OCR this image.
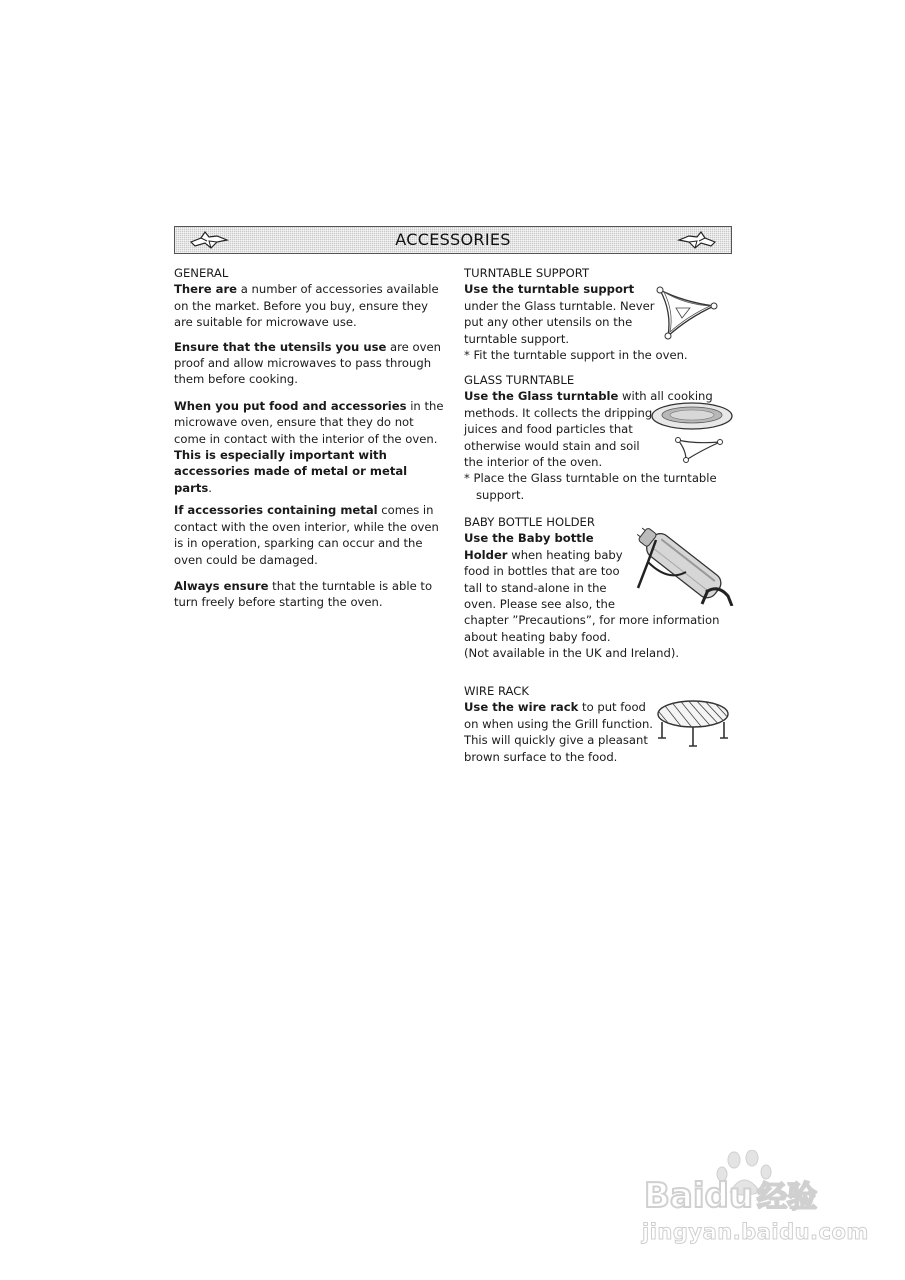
ACCESSORIES

GENERAL

There are a number of accessories available on the market. Before you buy, ensure they are suitable for microwave use.

Ensure that the utensils you use are oven proof and allow microwaves to pass through them before cooking.

When you put food and accessories in the microwave oven, ensure that they do not come in contact with the interior of the oven. This is especially important with accessories made of metal or metal parts.

If accessories containing metal comes in contact with the oven interior, while the oven is in operation, sparking can occur and the oven could be damaged.

Always ensure that the turntable is able to turn freely before starting the oven.

TURNTABLE SUPPORT

Use the turntable support

under the Glass turntable. Never

put any other utensils on the

turntable support.

* Fit the turntable support in the oven.

GLASS TURNTABLE

Use the Glass turntable with all cooking

methods. It collects the dripping

juices and food particles that

otherwise would stain and soil

the interior of the oven.

* Place the Glass turntable on the turntable support.

BABY BOTTLE HOLDER

Use the Baby bottle

Holder when heating baby

food in bottles that are too

tall to stand-alone in the

oven. Please see also, the

chapter ”Precautions”, for more information

about heating baby food.

(Not available in the UK and Ireland).

WIRE RACK

Use the wire rack to put food

on when using the Grill function.

This will quickly give a pleasant

brown surface to the food.

Baidu 经验
jingyan.baidu.com
